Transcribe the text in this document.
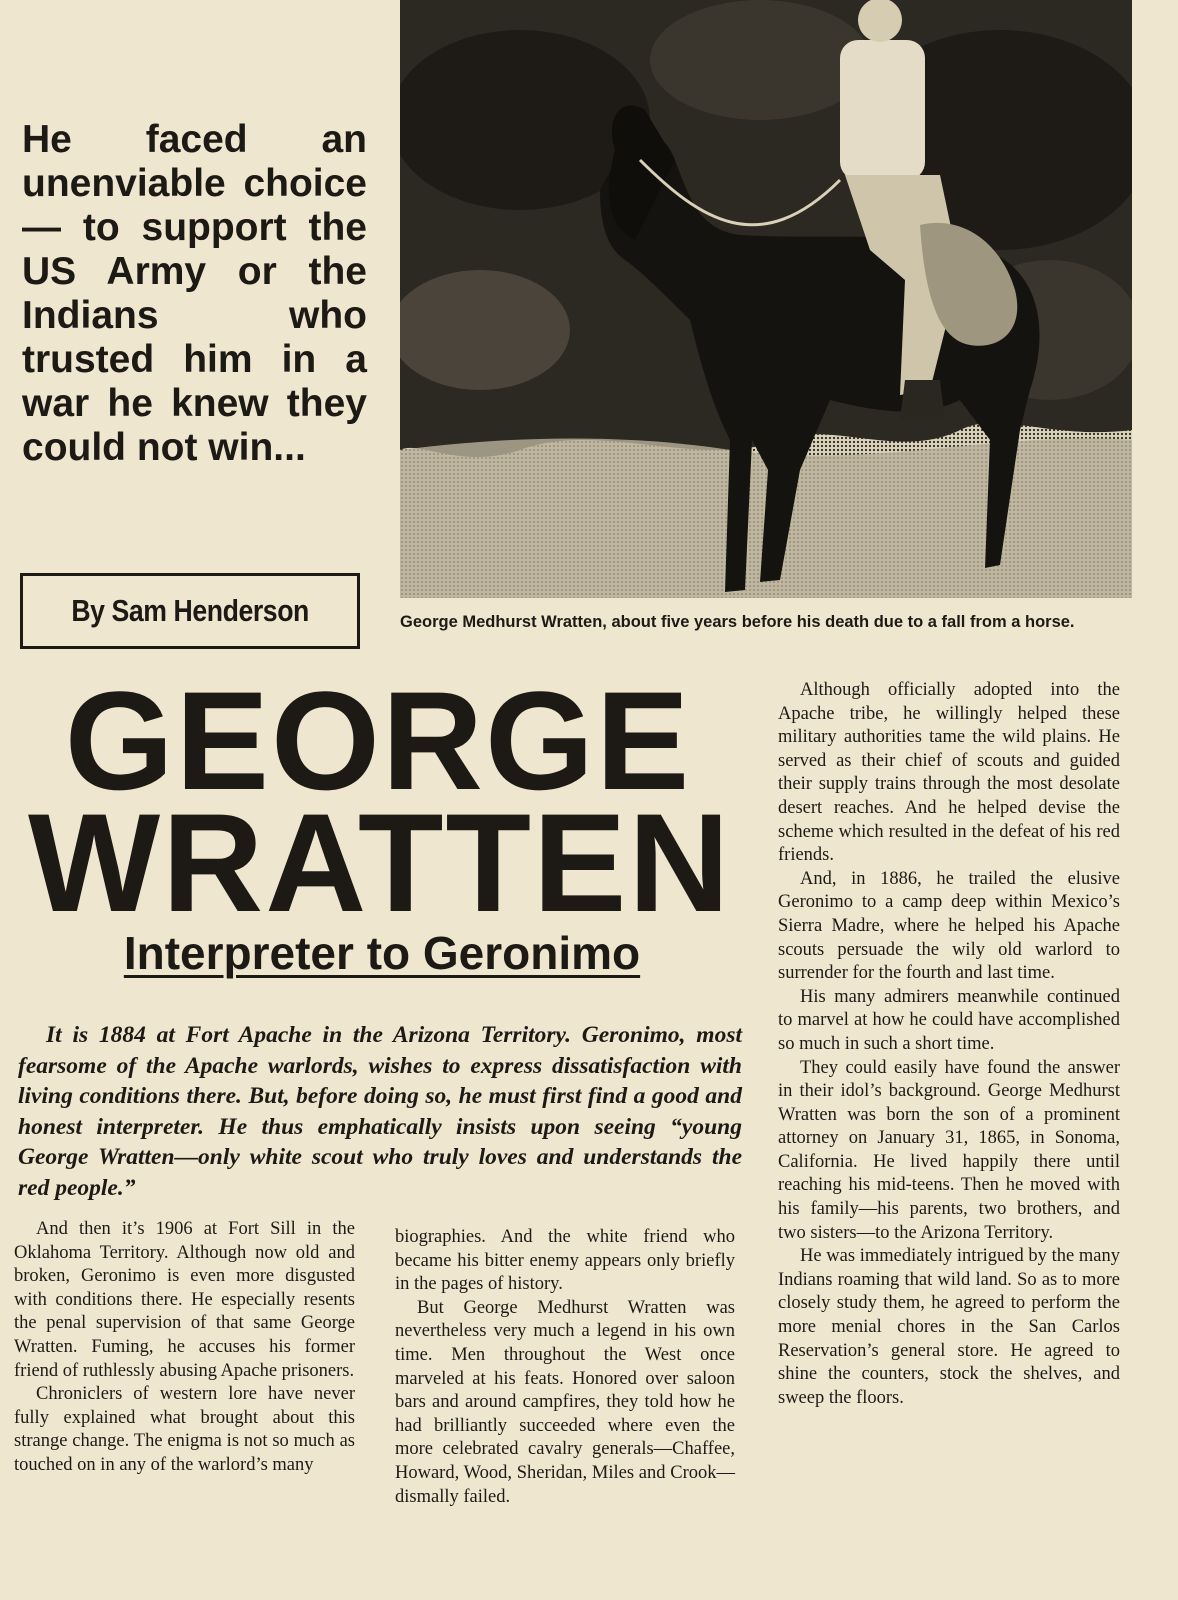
He faced an unenviable choice — to support the US Army or the Indians who trusted him in a war he knew they could not win...

George Medhurst Wratten, about five years before his death due to a fall from a horse.

By Sam Henderson
GEORGE
WRATTEN
Interpreter to Geronimo

It is 1884 at Fort Apache in the Arizona Territory. Geronimo, most fearsome of the Apache warlords, wishes to express dissatisfaction with living conditions there. But, before doing so, he must first find a good and honest interpreter. He thus emphatically insists upon seeing “young George Wratten—only white scout who truly loves and understands the red people.”

And then it’s 1906 at Fort Sill in the Oklahoma Territory. Although now old and broken, Geronimo is even more disgusted with conditions there. He especially resents the penal supervision of that same George Wratten. Fuming, he accuses his former friend of ruthlessly abusing Apache prisoners.

Chroniclers of western lore have never fully explained what brought about this strange change. The enigma is not so much as touched on in any of the warlord’s many

biographies. And the white friend who became his bitter enemy appears only briefly in the pages of history.

But George Medhurst Wratten was nevertheless very much a legend in his own time. Men throughout the West once marveled at his feats. Honored over saloon bars and around campfires, they told how he had brilliantly succeeded where even the more celebrated cavalry generals—Chaffee, Howard, Wood, Sheridan, Miles and Crook—dismally failed.

Although officially adopted into the Apache tribe, he willingly helped these military authorities tame the wild plains. He served as their chief of scouts and guided their supply trains through the most desolate desert reaches. And he helped devise the scheme which resulted in the defeat of his red friends.

And, in 1886, he trailed the elusive Geronimo to a camp deep within Mexico’s Sierra Madre, where he helped his Apache scouts persuade the wily old warlord to surrender for the fourth and last time.

His many admirers meanwhile continued to marvel at how he could have accomplished so much in such a short time.

They could easily have found the answer in their idol’s background. George Medhurst Wratten was born the son of a prominent attorney on January 31, 1865, in Sonoma, California. He lived happily there until reaching his mid-teens. Then he moved with his family—his parents, two brothers, and two sisters—to the Arizona Territory.

He was immediately intrigued by the many Indians roaming that wild land. So as to more closely study them, he agreed to perform the more menial chores in the San Carlos Reservation’s general store. He agreed to shine the counters, stock the shelves, and sweep the floors.
